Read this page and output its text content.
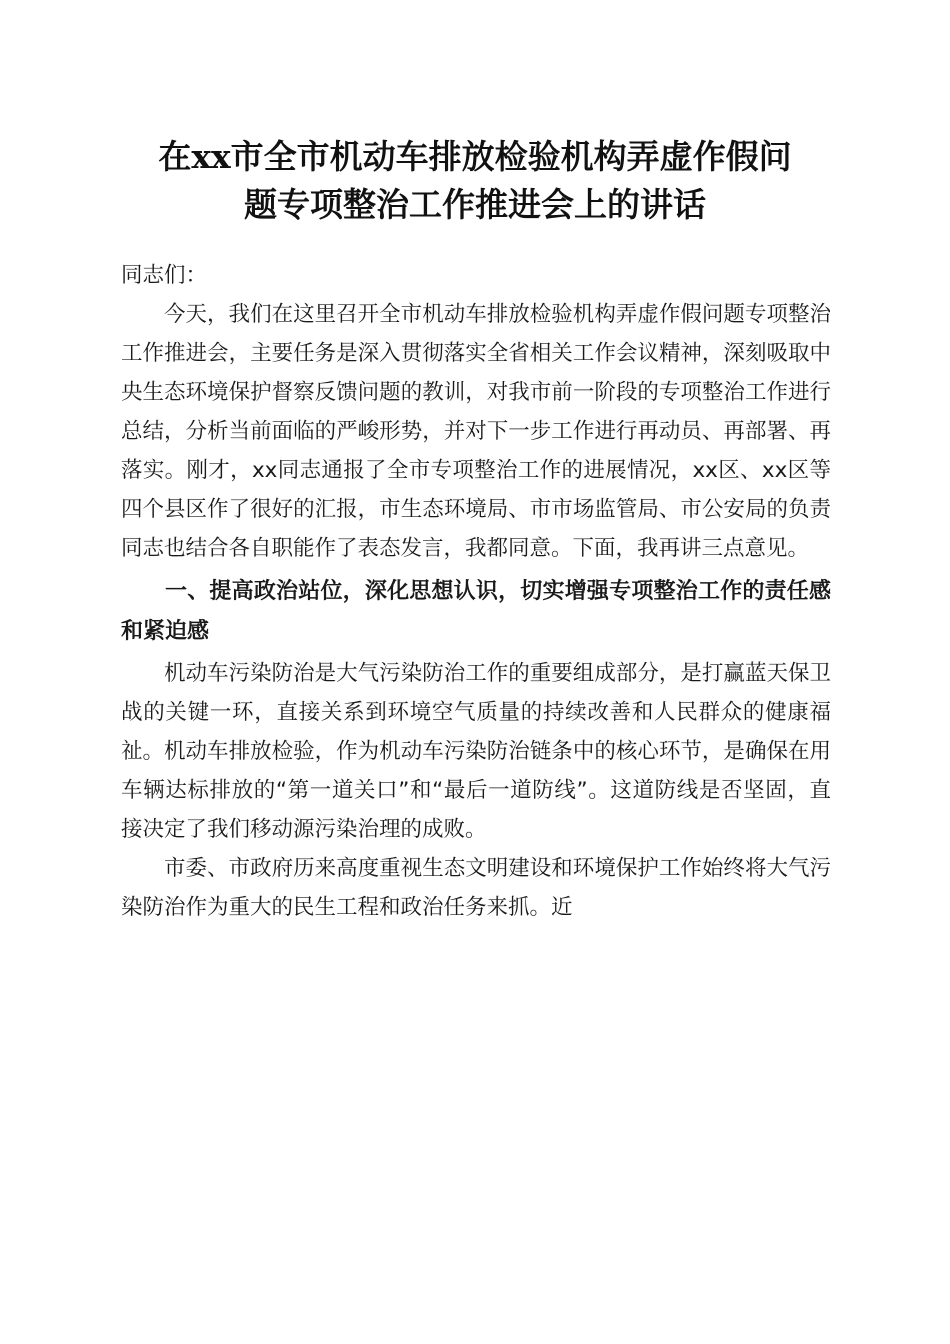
在xx市全市机动车排放检验机构弄虚作假问
题专项整治工作推进会上的讲话

同志们：

今天，我们在这里召开全市机动车排放检验机构弄虚作假问题专项整治工作推进会，主要任务是深入贯彻落实全省相关工作会议精神，深刻吸取中央生态环境保护督察反馈问题的教训，对我市前一阶段的专项整治工作进行总结，分析当前面临的严峻形势，并对下一步工作进行再动员、再部署、再落实。刚才，xx同志通报了全市专项整治工作的进展情况，xx区、xx区等四个县区作了很好的汇报，市生态环境局、市市场监管局、市公安局的负责同志也结合各自职能作了表态发言，我都同意。下面，我再讲三点意见。

一、提高政治站位，深化思想认识，切实增强专项整治工作的责任感和紧迫感

机动车污染防治是大气污染防治工作的重要组成部分，是打赢蓝天保卫战的关键一环，直接关系到环境空气质量的持续改善和人民群众的健康福祉。机动车排放检验，作为机动车污染防治链条中的核心环节，是确保在用车辆达标排放的“第一道关口”和“最后一道防线”。这道防线是否坚固，直接决定了我们移动源污染治理的成败。

市委、市政府历来高度重视生态文明建设和环境保护工作始终将大气污染防治作为重大的民生工程和政治任务来抓。近
